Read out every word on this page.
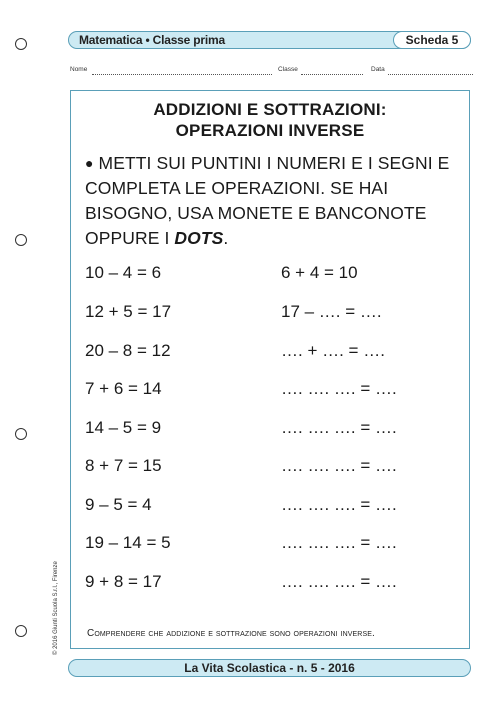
Matematica • Classe prima	Scheda 5
Nome	Classe	Data
ADDIZIONI E SOTTRAZIONI:
OPERAZIONI INVERSE
● METTI SUI PUNTINI I NUMERI E I SEGNI E COMPLETA LE OPERAZIONI. SE HAI BISOGNO, USA MONETE E BANCONOTE OPPURE I DOTS.
10 – 4 = 6	6 + 4 = 10
12 + 5 = 17	17 – …. = ….
20 – 8 = 12	…. + …. = ….
7 + 6 = 14	…. …. …. = ….
14 – 5 = 9	…. …. …. = ….
8 + 7 = 15	…. …. …. = ….
9 – 5 = 4	…. …. …. = ….
19 – 14 = 5	…. …. …. = ….
9 + 8 = 17	…. …. …. = ….
Comprendere che addizione e sottrazione sono operazioni inverse.
© 2016 Giunti Scuola S.r.l., Firenze
La Vita Scolastica - n. 5 - 2016
